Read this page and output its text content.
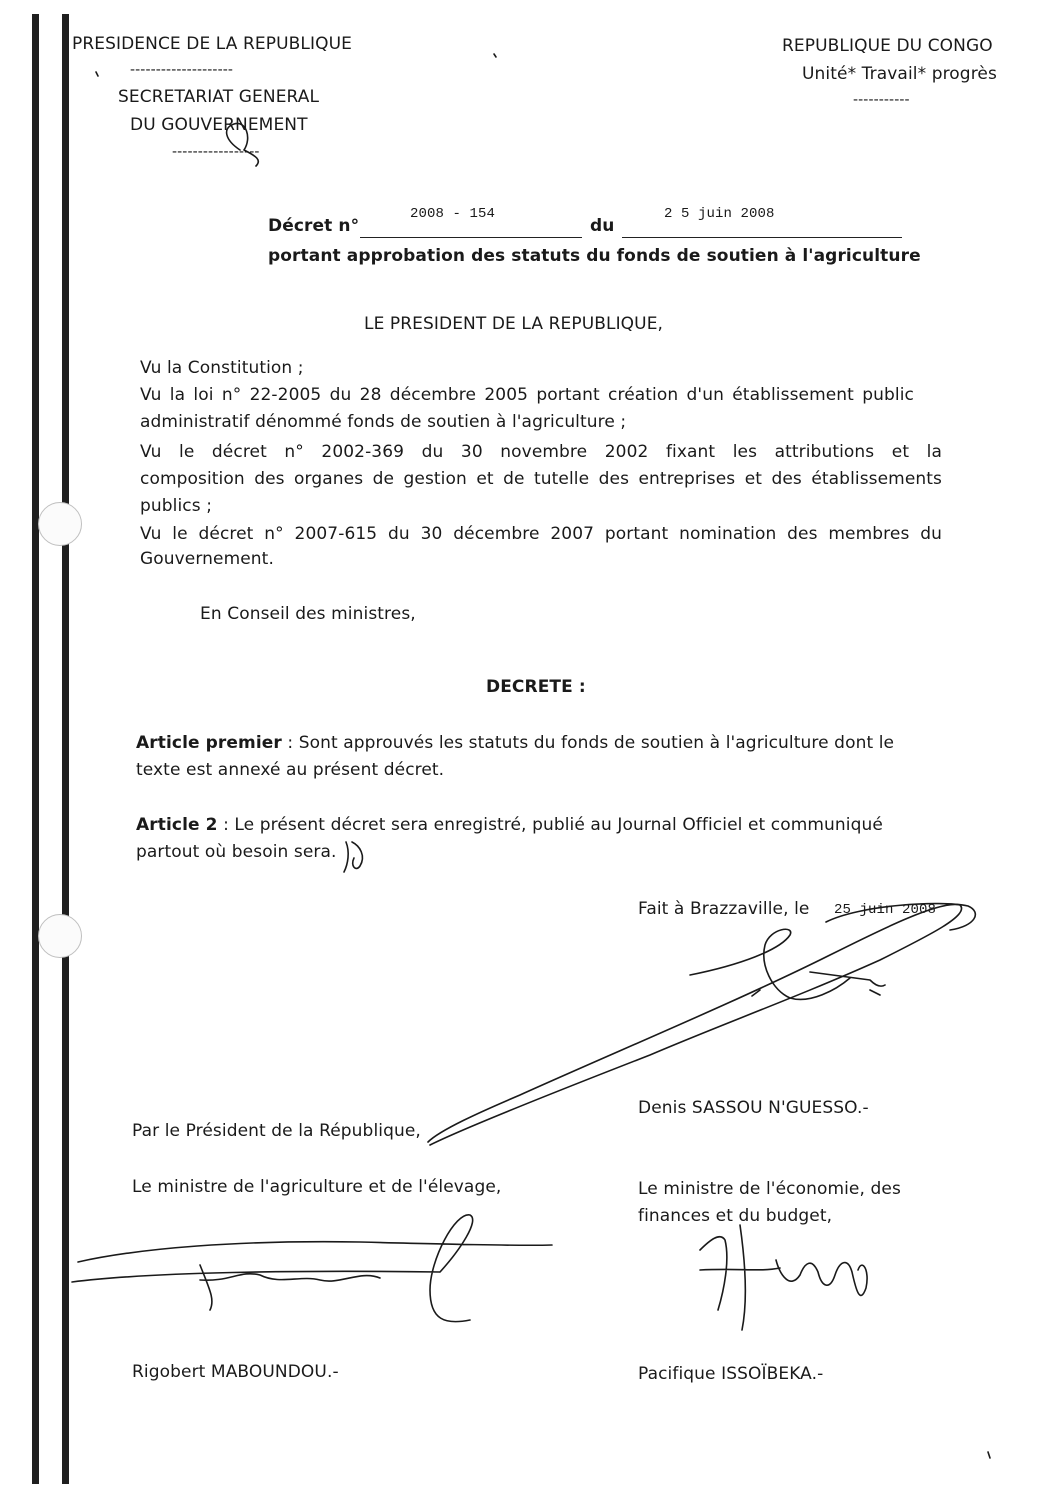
PRESIDENCE DE LA REPUBLIQUE
--------------------
SECRETARIAT GENERAL
DU GOUVERNEMENT
-----------------
REPUBLIQUE DU CONGO
Unité* Travail* progrès
-----------
Décret n°
2008 - 154
du
2 5 juin 2008
portant approbation des statuts du fonds de soutien à l'agriculture
LE PRESIDENT DE LA REPUBLIQUE,
Vu la Constitution ;
Vu la loi n° 22-2005 du 28 décembre 2005 portant création d'un établissement public
administratif dénommé fonds de soutien à l'agriculture ;
Vu le décret n° 2002-369 du 30 novembre 2002 fixant les attributions et la
composition des organes de gestion et de tutelle des entreprises et des établissements
publics ;
Vu le décret n° 2007-615 du 30 décembre 2007 portant nomination des membres du
Gouvernement.
En Conseil des ministres,
DECRETE :
Article premier : Sont approuvés les statuts du fonds de soutien à l'agriculture dont le
texte est annexé au présent décret.
Article 2 : Le présent décret sera enregistré, publié au Journal Officiel et communiqué
partout où besoin sera.
Fait à Brazzaville, le 25 juin 2008
Denis SASSOU N'GUESSO.-
Par le Président de la République,
Le ministre de l'agriculture et de l'élevage,	Le ministre de l'économie, des
finances et du budget,
Rigobert MABOUNDOU.-	Pacifique ISSOÏBEKA.-
